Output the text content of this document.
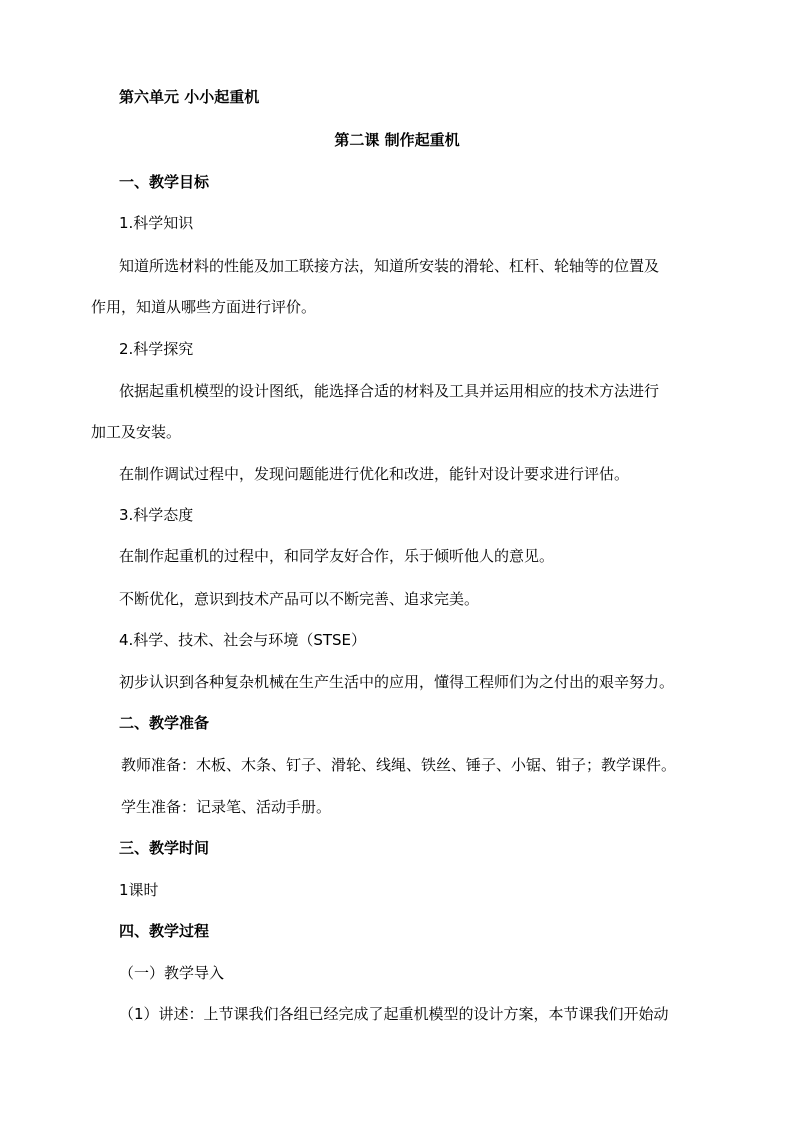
第六单元 小小起重机
第二课 制作起重机
一、教学目标
1.科学知识
知道所选材料的性能及加工联接方法，知道所安装的滑轮、杠杆、轮轴等的位置及
作用，知道从哪些方面进行评价。
2.科学探究
依据起重机模型的设计图纸，能选择合适的材料及工具并运用相应的技术方法进行
加工及安装。
在制作调试过程中，发现问题能进行优化和改进，能针对设计要求进行评估。
3.科学态度
在制作起重机的过程中，和同学友好合作，乐于倾听他人的意见。
不断优化，意识到技术产品可以不断完善、追求完美。
4.科学、技术、社会与环境（STSE）
初步认识到各种复杂机械在生产生活中的应用，懂得工程师们为之付出的艰辛努力。
二、教学准备
教师准备：木板、木条、钉子、滑轮、线绳、铁丝、锤子、小锯、钳子；教学课件。
学生准备：记录笔、活动手册。
三、教学时间
1课时
四、教学过程
（一）教学导入
（1）讲述：上节课我们各组已经完成了起重机模型的设计方案，本节课我们开始动
